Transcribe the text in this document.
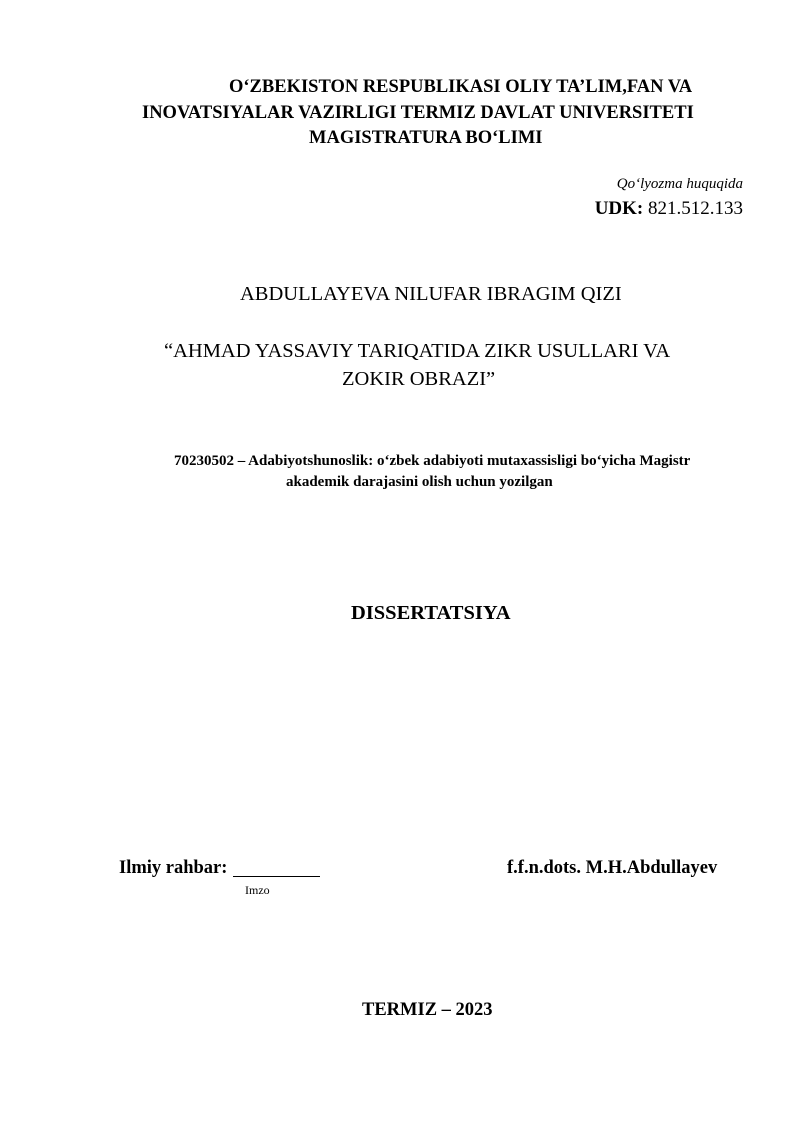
O‘ZBEKISTON RESPUBLIKASI OLIY TA’LIM,FAN VA
INOVATSIYALAR VAZIRLIGI TERMIZ DAVLAT UNIVERSITETI
MAGISTRATURA BO‘LIMI
Qo‘lyozma huquqida
UDK: 821.512.133
ABDULLAYEVA NILUFAR IBRAGIM QIZI
“AHMAD YASSAVIY TARIQATIDA ZIKR USULLARI VA
ZOKIR OBRAZI”
70230502 – Adabiyotshunoslik: o‘zbek adabiyoti mutaxassisligi bo‘yicha Magistr
akademik darajasini olish uchun yozilgan
DISSERTATSIYA
Ilmiy rahbar:
Imzo
f.f.n.dots. M.H.Abdullayev
TERMIZ – 2023
